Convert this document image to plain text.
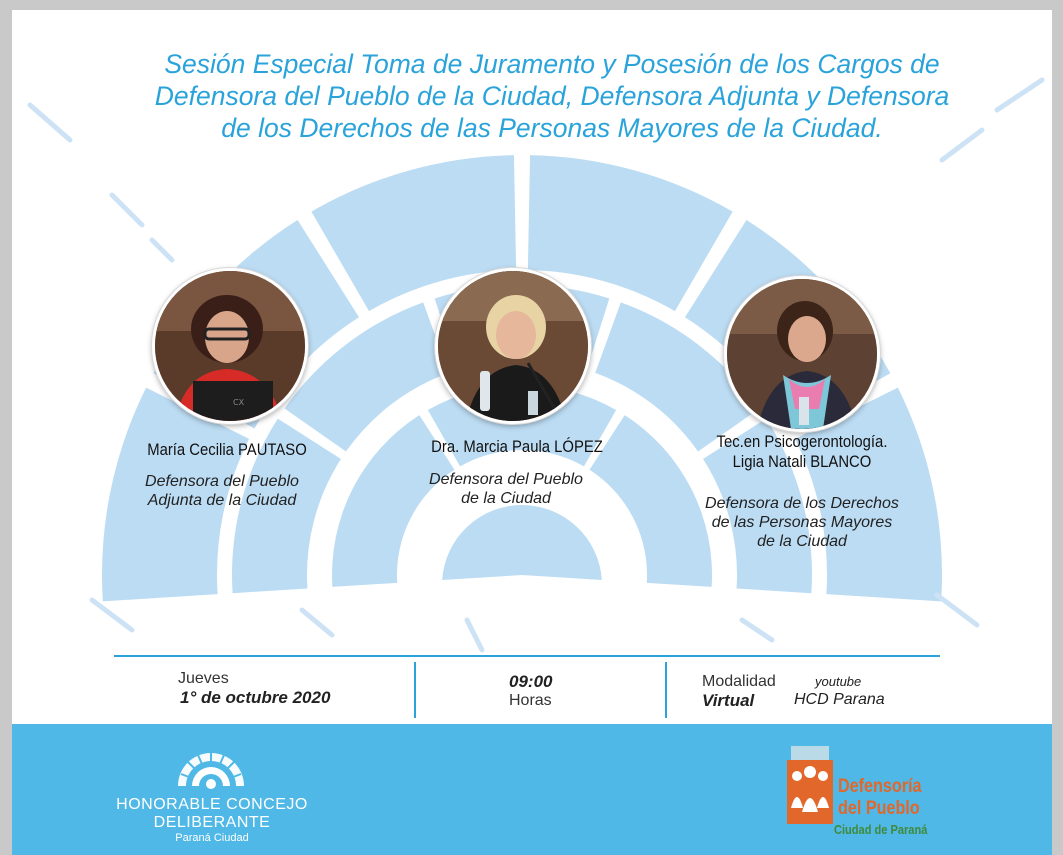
Sesión Especial Toma de Juramento y Posesión de los Cargos de
Defensora del Pueblo de la Ciudad, Defensora Adjunta y Defensora
de los Derechos de las Personas Mayores de la Ciudad.
CX
María Cecilia PAUTASO
Defensora del Pueblo
Adjunta de la Ciudad
Dra. Marcia Paula LÓPEZ
Defensora del Pueblo
de la Ciudad
Tec.en Psicogerontología.
Ligia Natali BLANCO
Defensora de los Derechos
de las Personas Mayores
de la Ciudad
Jueves
1° de octubre 2020
09:00
Horas
Modalidad
Virtual
youtube
HCD Parana
HONORABLE CONCEJO
DELIBERANTE
Paraná Ciudad
Defensoría
del Pueblo
Ciudad de Paraná
